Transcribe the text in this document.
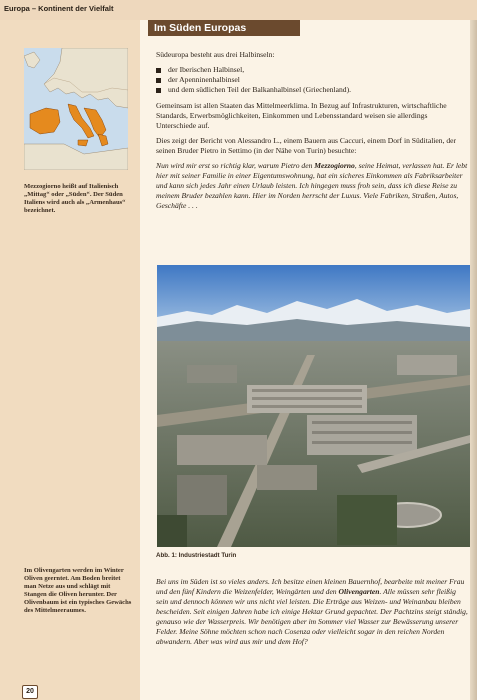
Europa – Kontinent der Vielfalt
Im Süden Europas
Mezzogiorno heißt auf Italienisch „Mittag“ oder „Süden“. Der Süden Italiens wird auch als „Armenhaus“ bezeichnet.

Südeuropa besteht aus drei Halbinseln:

der Iberischen Halbinsel,
der Apenninenhalbinsel
und dem südlichen Teil der Balkanhalbinsel (Griechenland).

Gemeinsam ist allen Staaten das Mittelmeerklima. In Bezug auf Infrastrukturen, wirtschaftliche Standards, Erwerbsmöglichkeiten, Einkommen und Lebensstandard weisen sie allerdings Unterschiede auf.

Dies zeigt der Bericht von Alessandro L., einem Bauern aus Caccuri, einem Dorf in Süditalien, der seinen Bruder Pietro in Settimo (in der Nähe von Turin) besuchte:

Nun wird mir erst so richtig klar, warum Pietro den Mezzogiorno, seine Heimat, verlassen hat. Er lebt hier mit seiner Familie in einer Eigentumswohnung, hat ein sicheres Einkommen als Fabriksarbeiter und kann sich jedes Jahr einen Urlaub leisten. Ich hingegen muss froh sein, dass ich diese Reise zu meinem Bruder bezahlen kann. Hier im Norden herrscht der Luxus. Viele Fabriken, Straßen, Autos, Geschäfte . . .

Abb. 1: Industriestadt Turin

Bei uns im Süden ist so vieles anders. Ich besitze einen kleinen Bauernhof, bearbeite mit meiner Frau und den fünf Kindern die Weizenfelder, Weingärten und den Olivengarten. Alle müssen sehr fleißig sein und dennoch können wir uns nicht viel leisten. Die Erträge aus Weizen- und Weinanbau bleiben bescheiden. Seit einigen Jahren habe ich einige Hektar Grund gepachtet. Der Pachtzins steigt ständig, genauso wie der Wasserpreis. Wir benötigen aber im Sommer viel Wasser zur Bewässerung unserer Felder. Meine Söhne möchten schon nach Cosenza oder vielleicht sogar in den reichen Norden abwandern. Aber was wird aus mir und dem Hof?

Im Olivengarten werden im Winter Oliven geerntet. Am Boden breitet man Netze aus und schlägt mit Stangen die Oliven herunter. Der Olivenbaum ist ein typisches Gewächs des Mittelmeeraumes.
20
